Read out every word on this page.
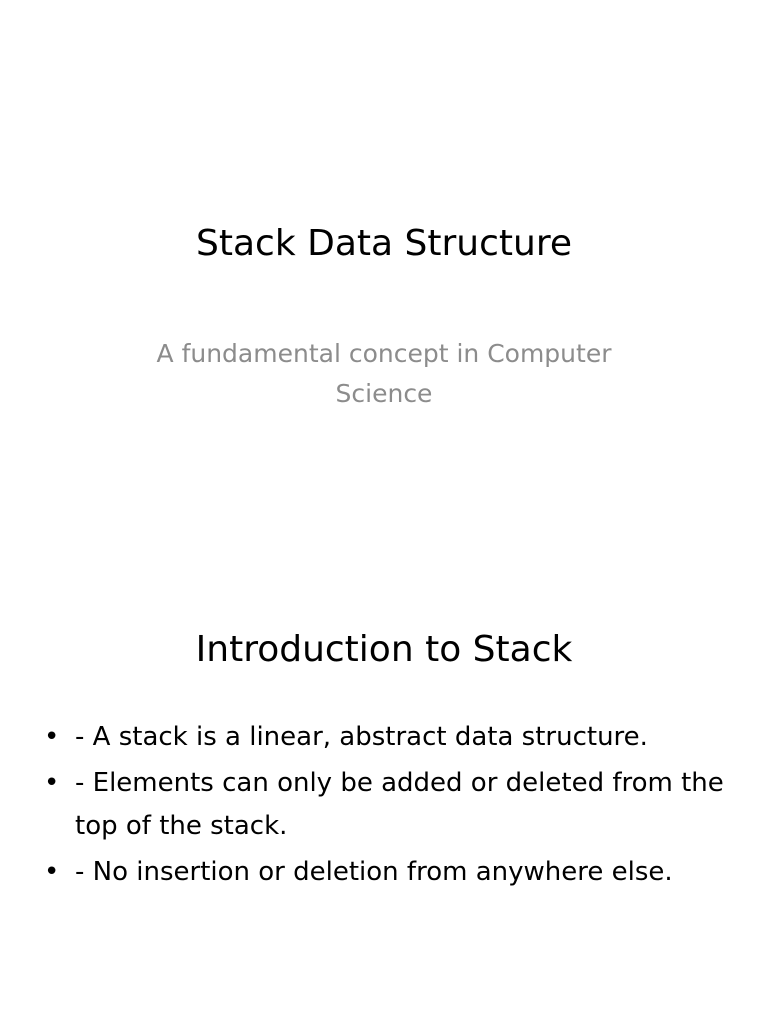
Stack Data Structure
A fundamental concept in Computer Science
Introduction to Stack
• - A stack is a linear, abstract data structure.
• - Elements can only be added or deleted from the top of the stack.
• - No insertion or deletion from anywhere else.
